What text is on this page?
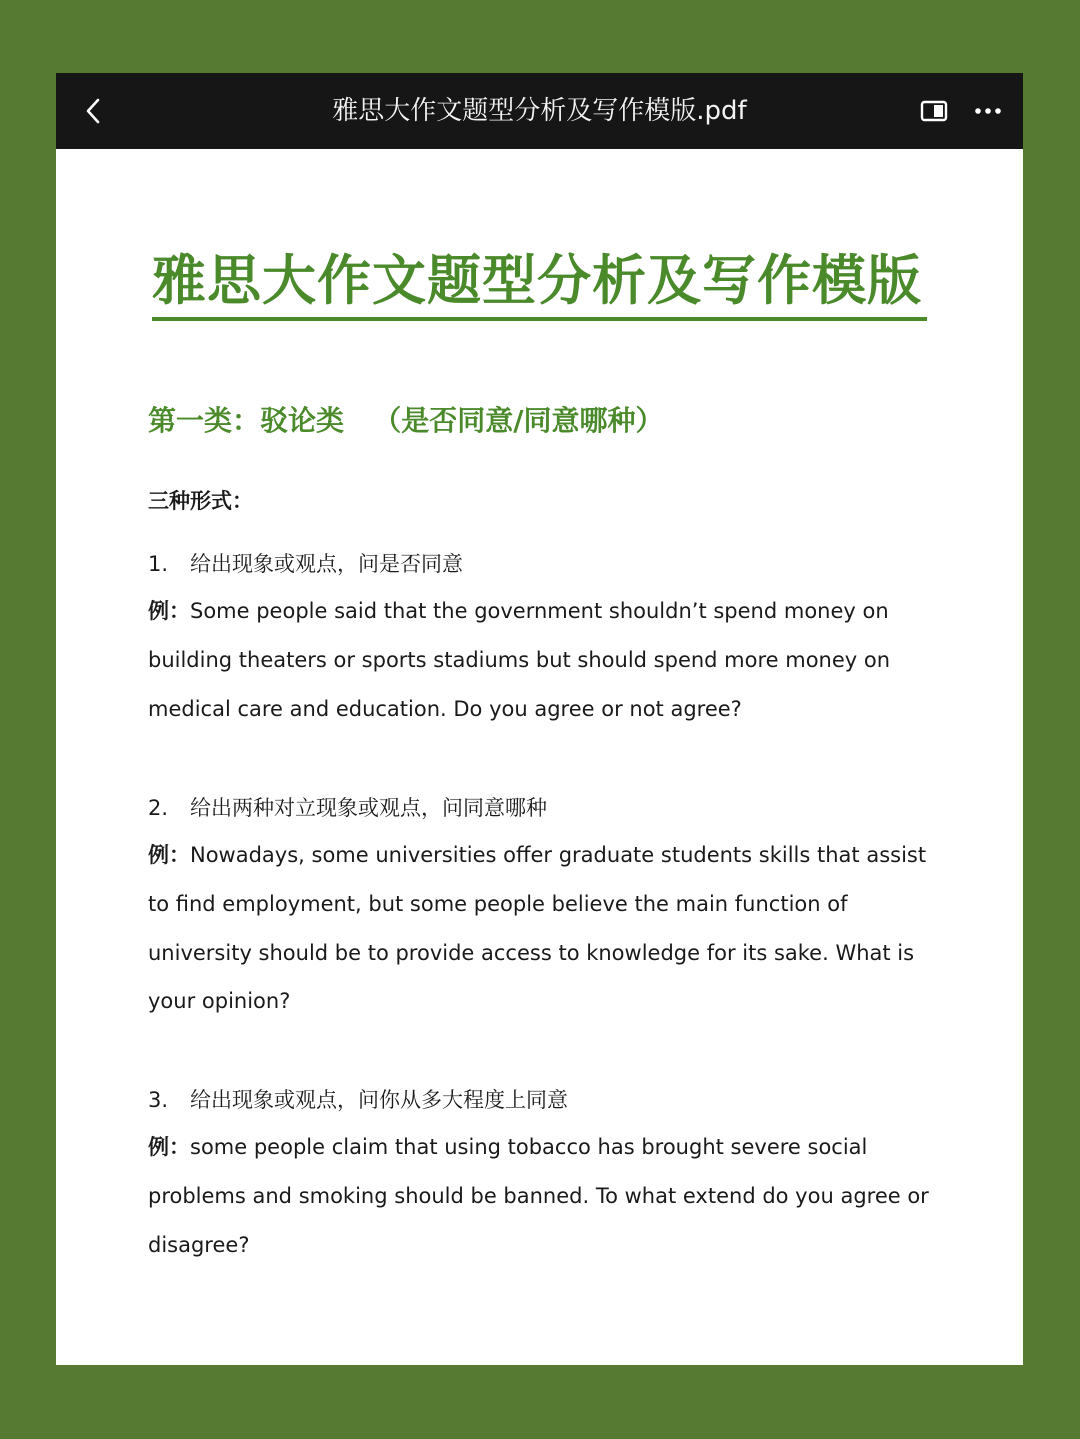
雅思大作文题型分析及写作模版.pdf
雅思大作文题型分析及写作模版
第一类：驳论类   （是否同意/同意哪种）
三种形式：
1. 给出现象或观点，问是否同意
例：Some people said that the government shouldn’t spend money on building theaters or sports stadiums but should spend more money on medical care and education. Do you agree or not agree?
2. 给出两种对立现象或观点，问同意哪种
例：Nowadays, some universities offer graduate students skills that assist to find employment, but some people believe the main function of university should be to provide access to knowledge for its sake. What is your opinion?
3. 给出现象或观点，问你从多大程度上同意
例：some people claim that using tobacco has brought severe social problems and smoking should be banned. To what extend do you agree or disagree?
